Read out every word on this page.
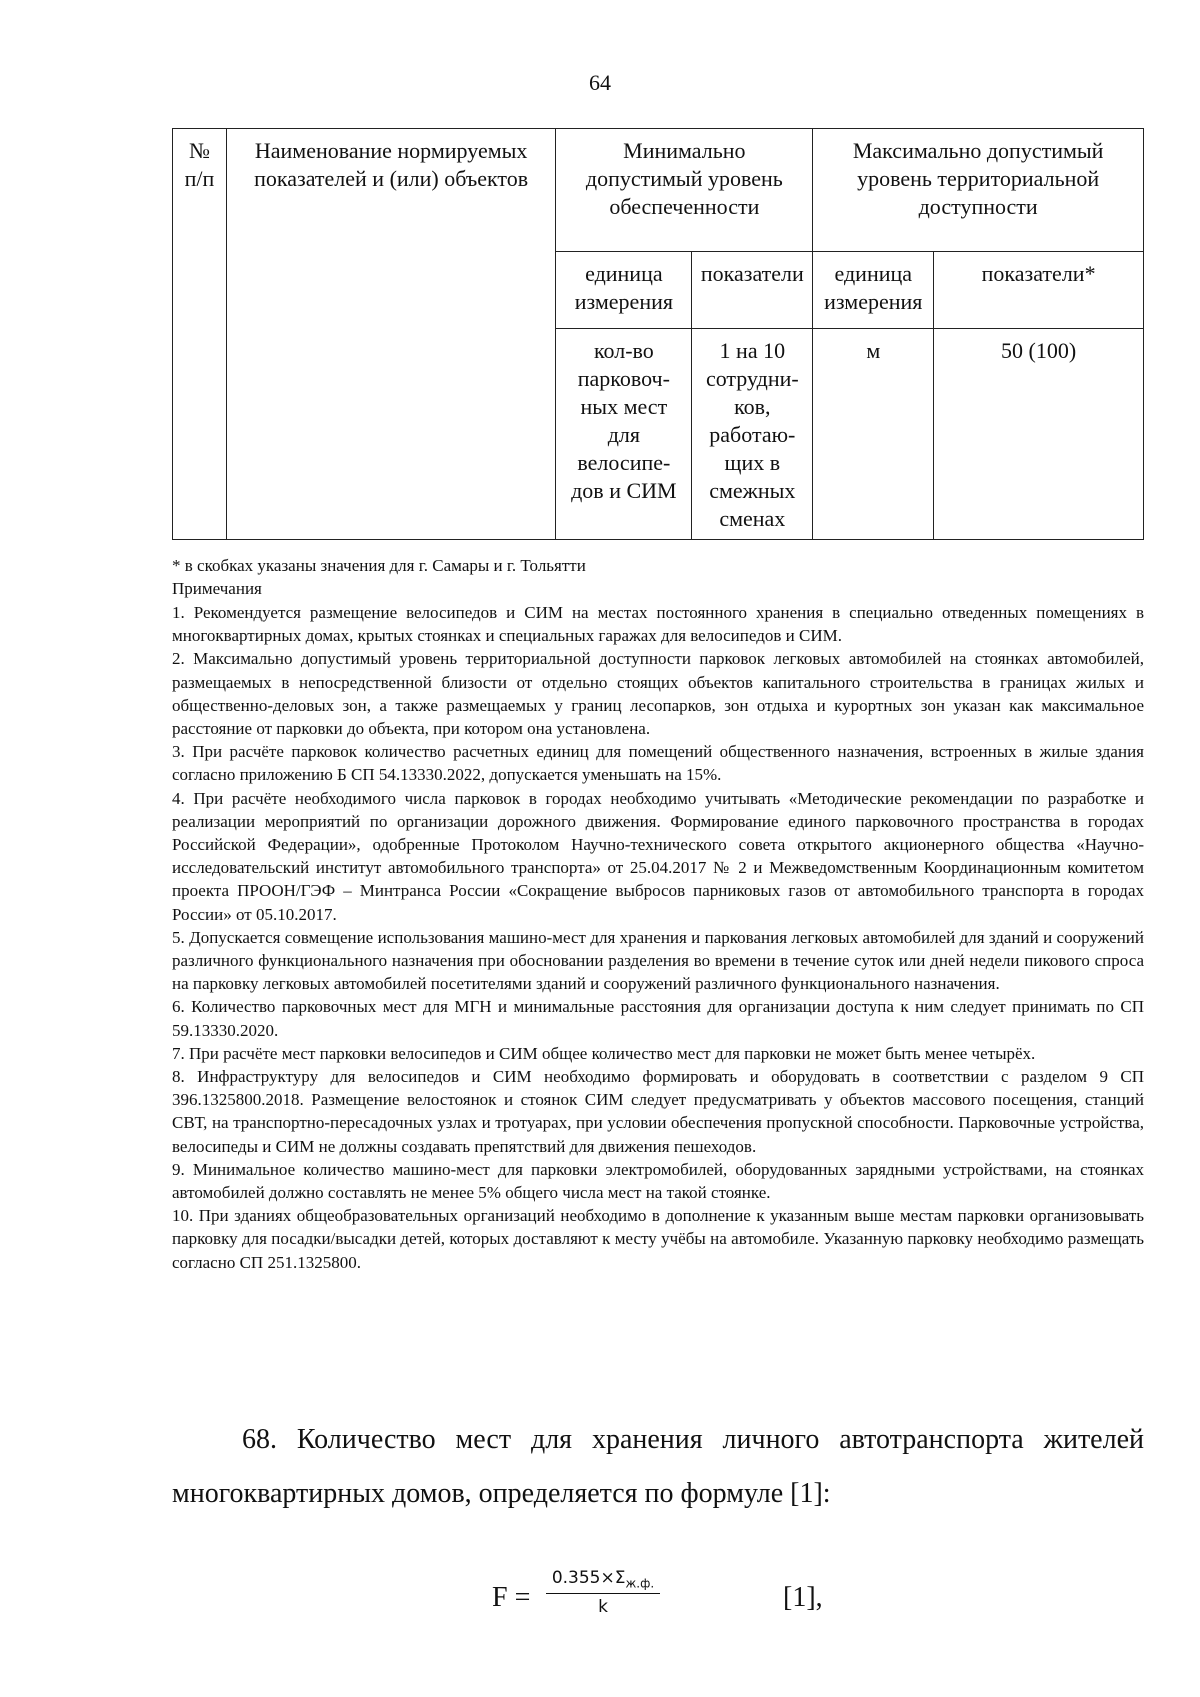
64
№
п/п	Наименование нормируемых показателей и (или) объектов	Минимально допустимый уровень обеспеченности		Максимально допустимый уровень территориальной доступности	
		единица измерения	показатели	единица измерения	показатели*
		кол-во парковоч-ных мест для велосипе-дов и СИМ	1 на 10 сотрудни-ков, работаю-щих в смежных сменах	м	50 (100)
* в скобках указаны значения для г. Самары и г. Тольятти
Примечания

1. Рекомендуется размещение велосипедов и СИМ на местах постоянного хранения в специально отведенных помещениях в многоквартирных домах, крытых стоянках и специальных гаражах для велосипедов и СИМ.

2. Максимально допустимый уровень территориальной доступности парковок легковых автомобилей на стоянках автомобилей, размещаемых в непосредственной близости от отдельно стоящих объектов капитального строительства в границах жилых и общественно-деловых зон, а также размещаемых у границ лесопарков, зон отдыха и курортных зон указан как максимальное расстояние от парковки до объекта, при котором она установлена.

3. При расчёте парковок количество расчетных единиц для помещений общественного назначения, встроенных в жилые здания согласно приложению Б СП 54.13330.2022, допускается уменьшать на 15%.

4. При расчёте необходимого числа парковок в городах необходимо учитывать «Методические рекомендации по разработке и реализации мероприятий по организации дорожного движения. Формирование единого парковочного пространства в городах Российской Федерации», одобренные Протоколом Научно-технического совета открытого акционерного общества «Научно-исследовательский институт автомобильного транспорта» от 25.04.2017 № 2 и Межведомственным Координационным комитетом проекта ПРООН/ГЭФ – Минтранса России «Сокращение выбросов парниковых газов от автомобильного транспорта в городах России» от 05.10.2017.

5. Допускается совмещение использования машино-мест для хранения и паркования легковых автомобилей для зданий и сооружений различного функционального назначения при обосновании разделения во времени в течение суток или дней недели пикового спроса на парковку легковых автомобилей посетителями зданий и сооружений различного функционального назначения.

6. Количество парковочных мест для МГН и минимальные расстояния для организации доступа к ним следует принимать по СП 59.13330.2020.

7. При расчёте мест парковки велосипедов и СИМ общее количество мест для парковки не может быть менее четырёх.

8. Инфраструктуру для велосипедов и СИМ необходимо формировать и оборудовать в соответствии с разделом 9 СП 396.1325800.2018. Размещение велостоянок и стоянок СИМ следует предусматривать у объектов массового посещения, станций СВТ, на транспортно-пересадочных узлах и тротуарах, при условии обеспечения пропускной способности. Парковочные устройства, велосипеды и СИМ не должны создавать препятствий для движения пешеходов.

9. Минимальное количество машино-мест для парковки электромобилей, оборудованных зарядными устройствами, на стоянках автомобилей должно составлять не менее 5% общего числа мест на такой стоянке.

10. При зданиях общеобразовательных организаций необходимо в дополнение к указанным выше местам парковки организовывать парковку для посадки/высадки детей, которых доставляют к месту учёбы на автомобиле. Указанную парковку необходимо размещать согласно СП 251.1325800.

68. Количество мест для хранения личного автотранспорта жителей многоквартирных домов, определяется по формуле [1]:

F =
$0.355\times\Sigma_{ж.ф.}$
k	[1],
